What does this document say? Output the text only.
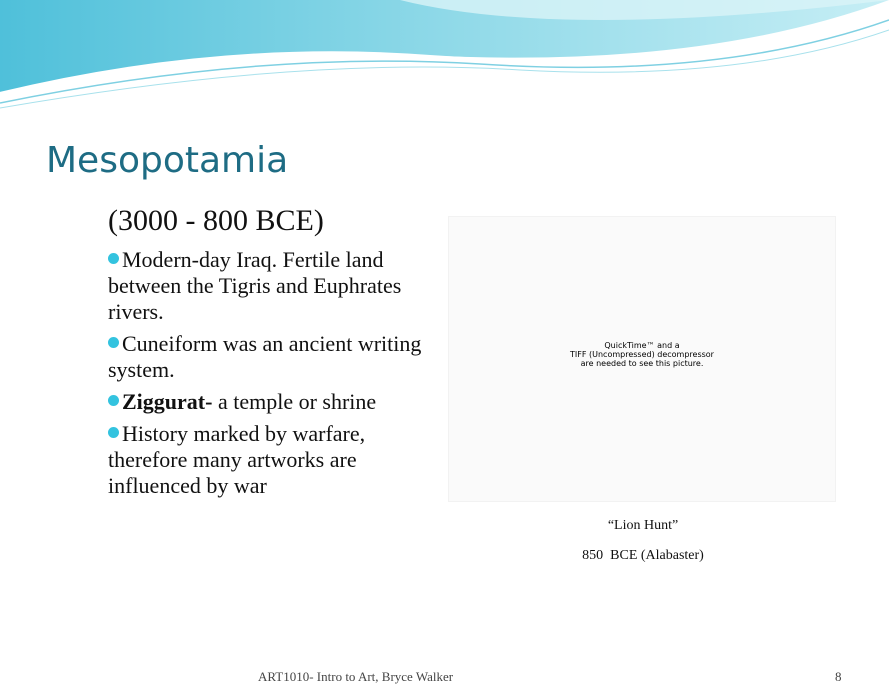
Mesopotamia
(3000 - 800 BCE)
Modern-day Iraq. Fertile land between the Tigris and Euphrates rivers.
Cuneiform was an ancient writing system.
Ziggurat- a temple or shrine
History marked by warfare, therefore many artworks are influenced by war
QuickTime™ and a
TIFF (Uncompressed) decompressor
are needed to see this picture.
“Lion Hunt”
850  BCE (Alabaster)
ART1010- Intro to Art, Bryce Walker	8
